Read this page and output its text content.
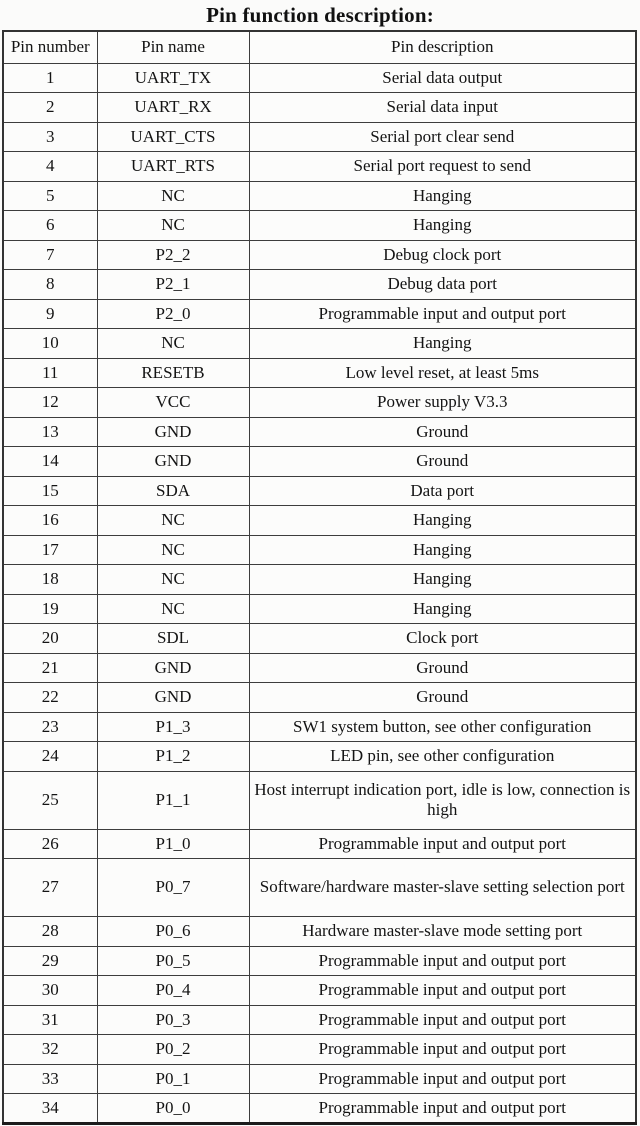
Pin function description:
Pin number	Pin name	Pin description
1	UART_TX	Serial data output
2	UART_RX	Serial data input
3	UART_CTS	Serial port clear send
4	UART_RTS	Serial port request to send
5	NC	Hanging
6	NC	Hanging
7	P2_2	Debug clock port
8	P2_1	Debug data port
9	P2_0	Programmable input and output port
10	NC	Hanging
11	RESETB	Low level reset, at least 5ms
12	VCC	Power supply V3.3
13	GND	Ground
14	GND	Ground
15	SDA	Data port
16	NC	Hanging
17	NC	Hanging
18	NC	Hanging
19	NC	Hanging
20	SDL	Clock port
21	GND	Ground
22	GND	Ground
23	P1_3	SW1 system button, see other configuration
24	P1_2	LED pin, see other configuration
25	P1_1	Host interrupt indication port, idle is low, connection is high
26	P1_0	Programmable input and output port
27	P0_7	Software/hardware master-slave setting selection port
28	P0_6	Hardware master-slave mode setting port
29	P0_5	Programmable input and output port
30	P0_4	Programmable input and output port
31	P0_3	Programmable input and output port
32	P0_2	Programmable input and output port
33	P0_1	Programmable input and output port
34	P0_0	Programmable input and output port
